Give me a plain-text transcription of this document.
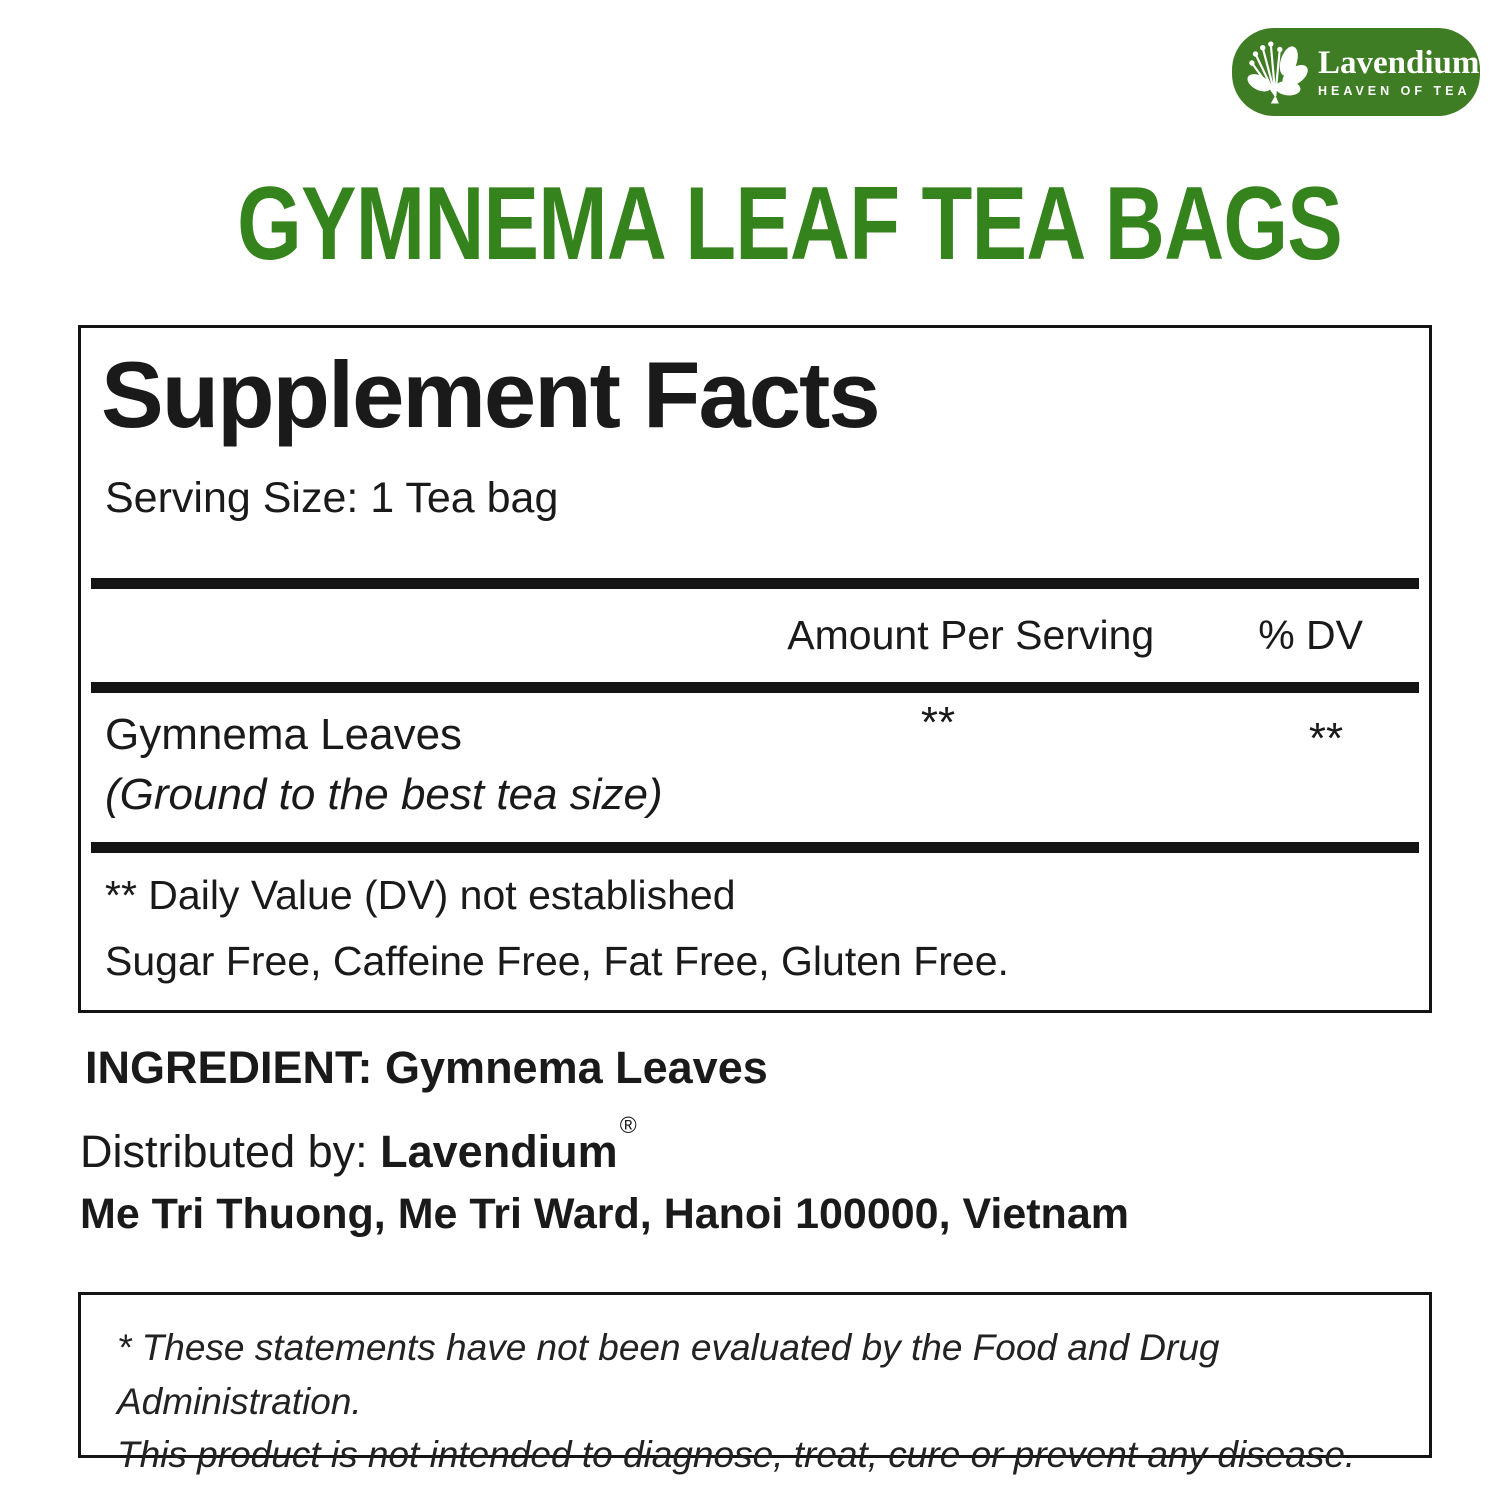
Lavendium
HEAVEN OF TEA
GYMNEMA LEAF TEA BAGS
Supplement Facts
Serving Size: 1 Tea bag
Amount Per Serving	% DV
Gymnema Leaves	**	**
(Ground to the best tea size)
** Daily Value (DV) not established
Sugar Free, Caffeine Free, Fat Free, Gluten Free.
INGREDIENT: Gymnema Leaves
Distributed by: Lavendium®
Me Tri Thuong, Me Tri Ward, Hanoi 100000, Vietnam
* These statements have not been evaluated by the Food and Drug Administration.
This product is not intended to diagnose, treat, cure or prevent any disease.
